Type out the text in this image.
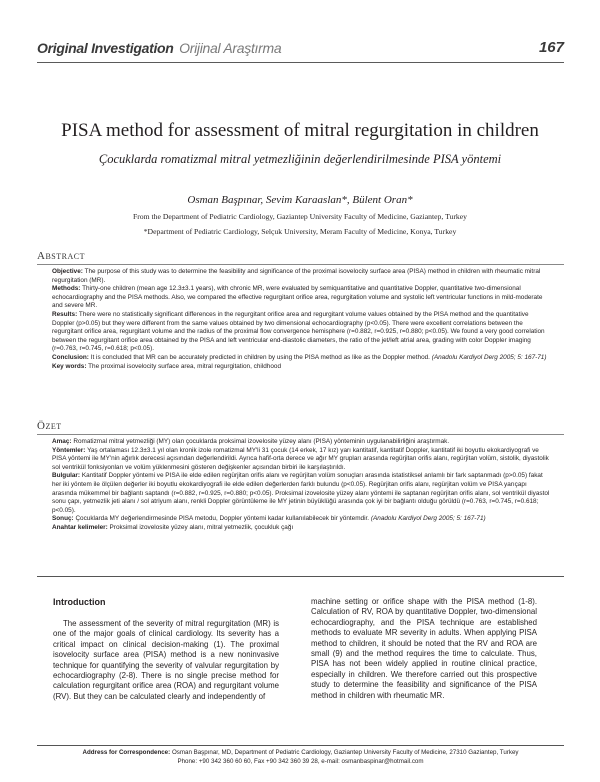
Original Investigation Orijinal Araştırma	167
PISA method for assessment of mitral regurgitation in children
Çocuklarda romatizmal mitral yetmezliğinin değerlendirilmesinde PISA yöntemi
Osman Başpınar, Sevim Karaaslan*, Bülent Oran*
From the Department of Pediatric Cardiology, Gaziantep University Faculty of Medicine, Gaziantep, Turkey
*Department of Pediatric Cardiology, Selçuk University, Meram Faculty of Medicine, Konya, Turkey
Abstract

Objective: The purpose of this study was to determine the feasibility and significance of the proximal isovelocity surface area (PISA) method in children with rheumatic mitral regurgitation (MR).

Methods: Thirty-one children (mean age 12.3±3.1 years), with chronic MR, were evaluated by semiquantitative and quantitative Doppler, quantitative two-dimensional echocardiography and the PISA methods. Also, we compared the effective regurgitant orifice area, regurgitation volume and systolic left ventricular functions in mild-moderate and severe MR.

Results: There were no statistically significant differences in the regurgitant orifice area and regurgitant volume values obtained by the PISA method and the quantitative Doppler (p>0.05) but they were different from the same values obtained by two dimensional echocardiography (p<0.05). There were excellent correlations between the regurgitant orifice area, regurgitant volume and the radius of the proximal flow convergence hemisphere (r=0.882, r=0.925, r=0.880; p<0.05). We found a very good correlation between the regurgitant orifice area obtained by the PISA and left ventricular end-diastolic diameters, the ratio of the jet/left atrial area, grading with color Doppler imaging (r=0.763, r=0.745, r=0.618; p<0.05).

Conclusion: It is concluded that MR can be accurately predicted in children by using the PISA method as like as the Doppler method. (Anadolu Kardiyol Derg 2005; 5: 167-71)

Key words: The proximal isovelocity surface area, mitral regurgitation, childhood

Özet

Amaç: Romatizmal mitral yetmezliği (MY) olan çocuklarda proksimal izovelosite yüzey alanı (PISA) yönteminin uygulanabilirliğini araştırmak.

Yöntemler: Yaş ortalaması 12.3±3.1 yıl olan kronik izole romatizmal MY'li 31 çocuk (14 erkek, 17 kız) yarı kantitatif, kantitatif Doppler, kantitatif iki boyutlu ekokardiyografi ve PISA yöntemi ile MY'nin ağırlık derecesi açısından değerlendirildi. Ayrıca hafif-orta derece ve ağır MY grupları arasında regürjitan orifis alanı, regürjitan volüm, sistolik, diyastolik sol ventrikül fonksiyonları ve volüm yüklenmesini gösteren değişkenler açısından birbiri ile karşılaştırıldı.

Bulgular: Kantitatif Doppler yöntemi ve PISA ile elde edilen regürjitan orifis alanı ve regürjitan volüm sonuçları arasında istatistiksel anlamlı bir fark saptanmadı (p>0.05) fakat her iki yöntem ile ölçülen değerler iki boyutlu ekokardiyografi ile elde edilen değerlerden farklı bulundu (p<0.05). Regürjitan orifis alanı, regürjitan volüm ve PISA yarıçapı arasında mükemmel bir bağlantı saptandı (r=0.882, r=0.925, r=0.880; p<0.05). Proksimal izovelosite yüzey alanı yöntemi ile saptanan regürjitan orifis alanı, sol ventrikül diyastol sonu çapı, yetmezlik jeti alanı / sol atriyum alanı, renkli Doppler görüntüleme ile MY jetinin büyüklüğü arasında çok iyi bir bağlantı olduğu görüldü (r=0.763, r=0.745, r=0.618; p<0.05).

Sonuç: Çocuklarda MY değerlendirmesinde PISA metodu, Doppler yöntemi kadar kullanılabilecek bir yöntemdir. (Anadolu Kardiyol Derg 2005; 5: 167-71)

Anahtar kelimeler: Proksimal izovelosite yüzey alanı, mitral yetmezlik, çocukluk çağı

Introduction

The assessment of the severity of mitral regurgitation (MR) is one of the major goals of clinical cardiology. Its severity has a critical impact on clinical decision-making (1). The proximal isovelocity surface area (PISA) method is a new noninvasive technique for quantifying the severity of valvular regurgitation by echocardiography (2-8). There is no single precise method for calculation regurgitant orifice area (ROA) and regurgitant volume (RV). But they can be calculated clearly and independently of

machine setting or orifice shape with the PISA method (1-8). Calculation of RV, ROA by quantitative Doppler, two-dimensional echocardiography, and the PISA technique are established methods to evaluate MR severity in adults. When applying PISA method to children, it should be noted that the RV and ROA are small (9) and the method requires the time to calculate. Thus, PISA has not been widely applied in routine clinical practice, especially in children. We therefore carried out this prospective study to determine the feasibility and significance of the PISA method in children with rheumatic MR.

Address for Correspondence: Osman Başpınar, MD, Department of Pediatric Cardiology, Gaziantep University Faculty of Medicine, 27310 Gaziantep, Turkey
Phone: +90 342 360 60 60, Fax +90 342 360 39 28, e-mail: osmanbaspinar@hotmail.com
